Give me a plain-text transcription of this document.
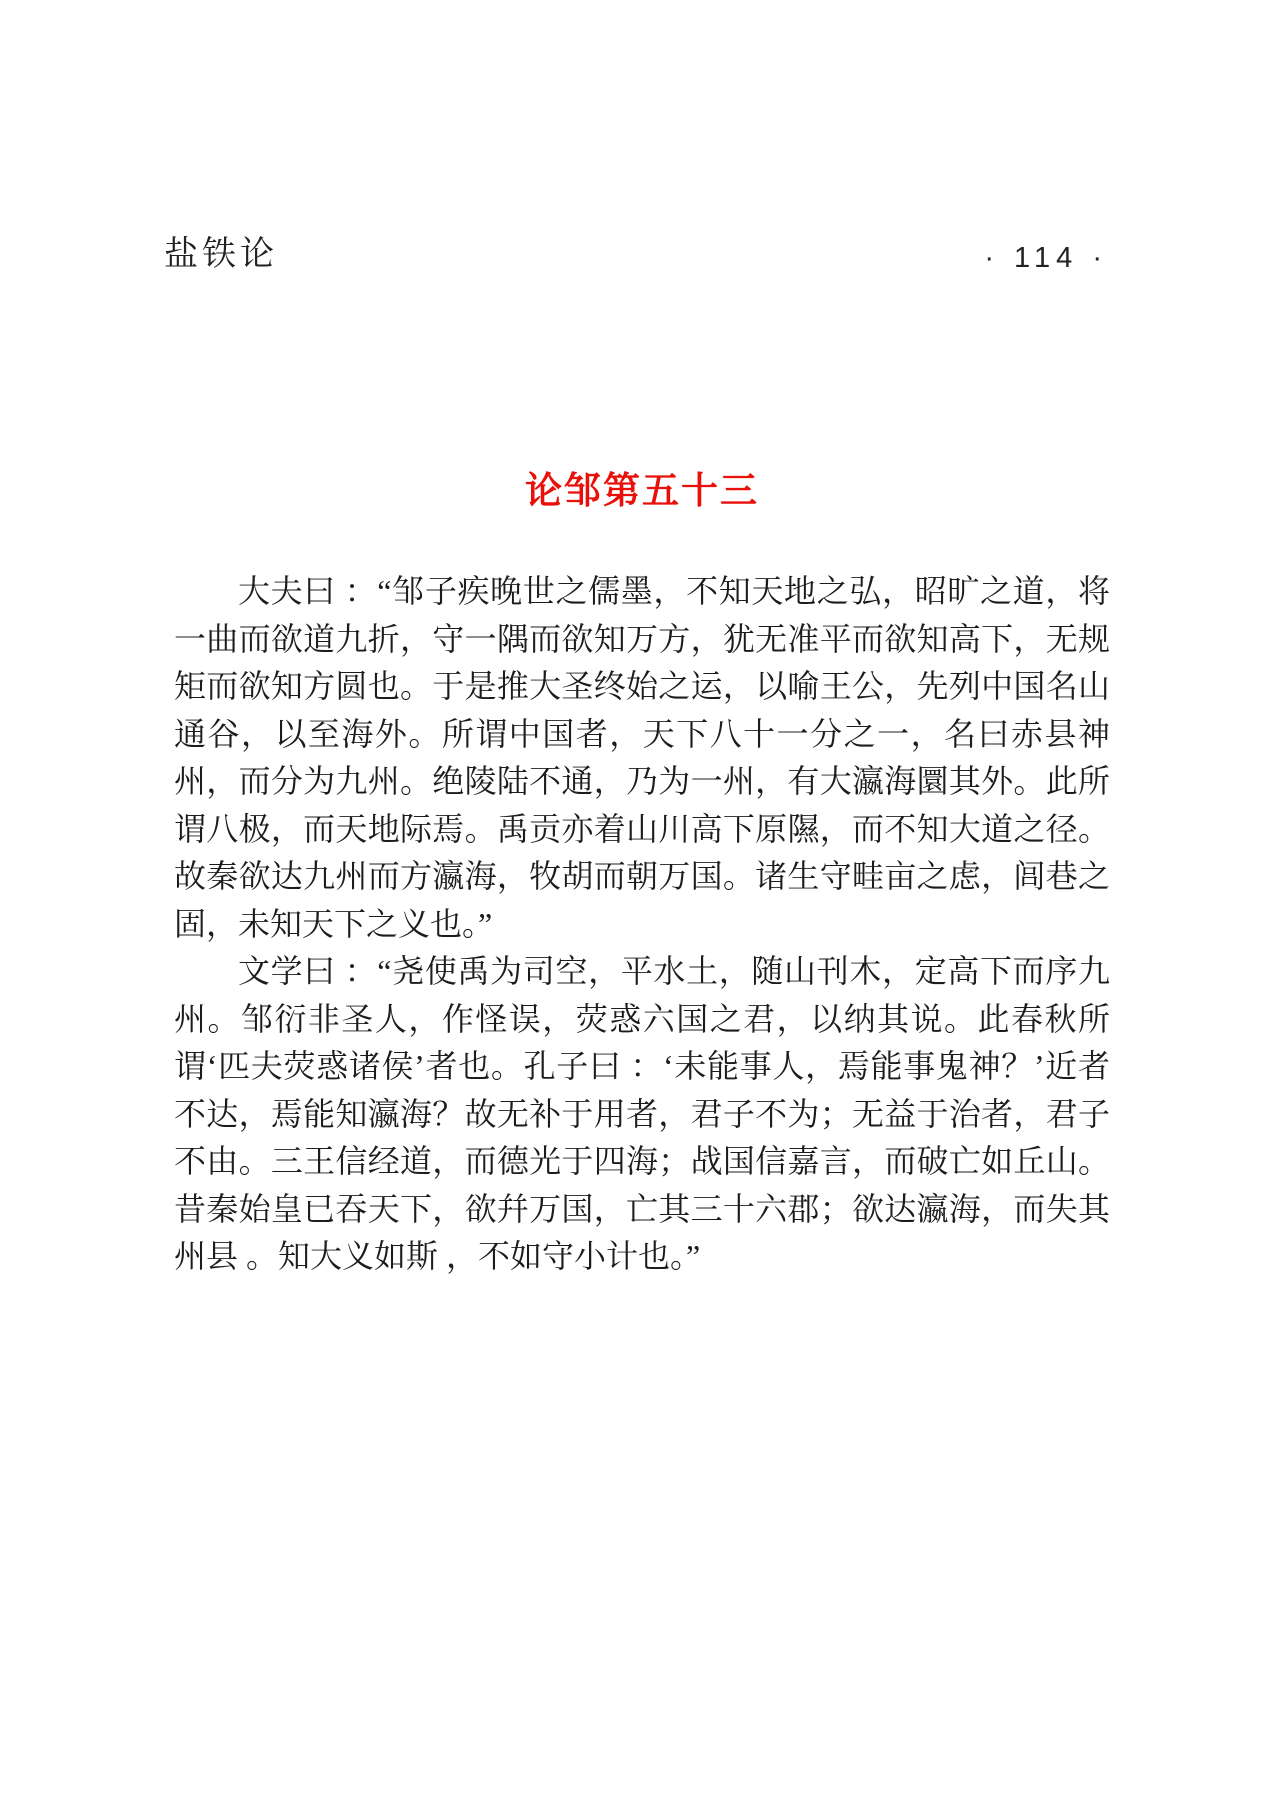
盐铁论	· 114 ·
论邹第五十三

大夫曰 ：“邹子疾晚世之儒墨，不知天地之弘，昭旷之道，将一曲而欲道九折，守一隅而欲知万方，犹无准平而欲知高下，无规矩而欲知方圆也。于是推大圣终始之运，以喻王公，先列中国名山通谷，以至海外。所谓中国者，天下八十一分之一，名曰赤县神州，而分为九州。绝陵陆不通，乃为一州，有大瀛海圜其外。此所谓八极，而天地际焉。禹贡亦着山川高下原隰，而不知大道之径。故秦欲达九州而方瀛海，牧胡而朝万国。诸生守畦亩之虑，闾巷之固，未知天下之义也。”

文学曰 ：“尧使禹为司空，平水土，随山刊木，定高下而序九州。邹衍非圣人，作怪误，荧惑六国之君，以纳其说。此春秋所谓‘匹夫荧惑诸侯’者也。孔子曰 ：‘未能事人，焉能事鬼神？’近者不达，焉能知瀛海？故无补于用者，君子不为；无益于治者，君子不由。三王信经道，而德光于四海；战国信嘉言，而破亡如丘山。昔秦始皇已吞天下，欲幷万国，亡其三十六郡；欲达瀛海，而失其州县 。知大义如斯 ，不如守小计也。”
